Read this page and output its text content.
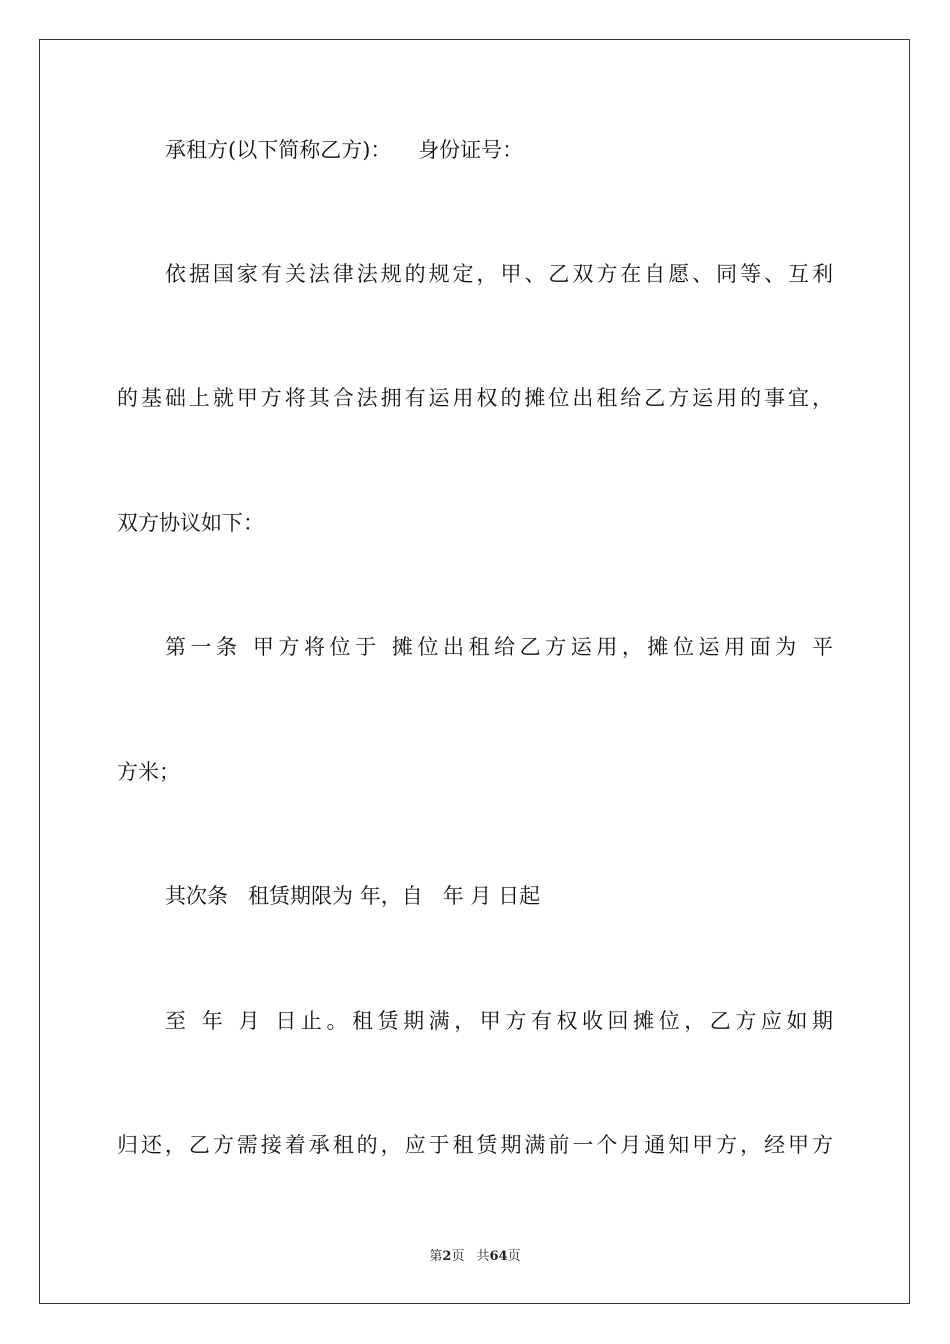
承租方(以下简称乙方)：    身份证号：
依据国家有关法律法规的规定，甲、乙双方在自愿、同等、互利
的基础上就甲方将其合法拥有运用权的摊位出租给乙方运用的事宜，
双方协议如下：
第一条 甲方将位于 摊位出租给乙方运用，摊位运用面为 平
方米；
其次条   租赁期限为 年，自   年 月 日起
至 年 月 日止。租赁期满，甲方有权收回摊位，乙方应如期
归还，乙方需接着承租的，应于租赁期满前一个月通知甲方，经甲方
第2页 共64页
